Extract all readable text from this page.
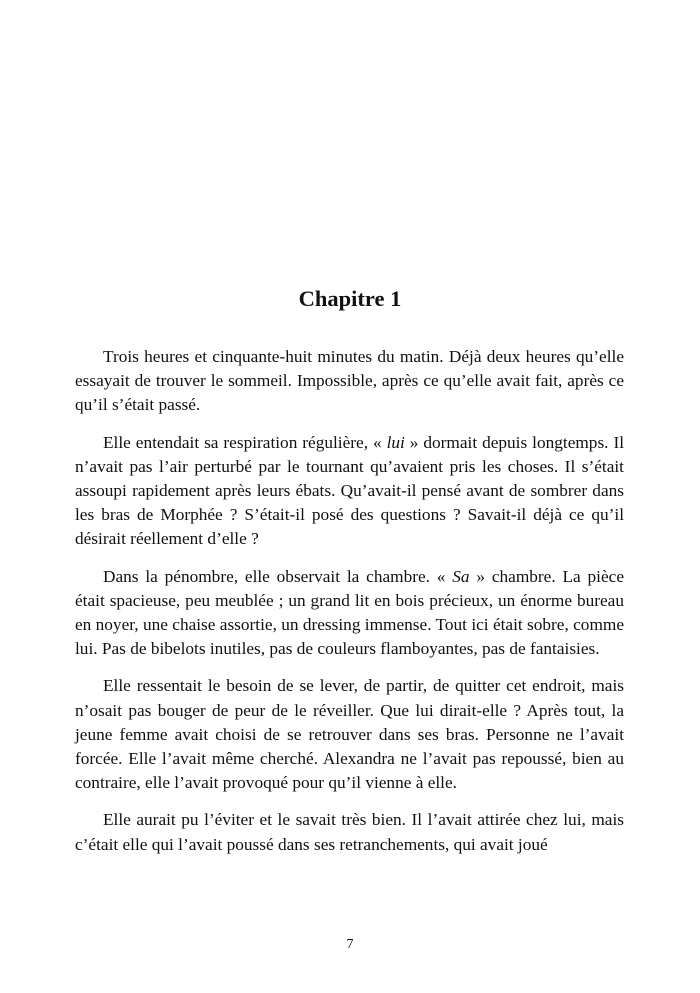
Chapitre 1

Trois heures et cinquante-huit minutes du matin. Déjà deux heures qu’elle essayait de trouver le sommeil. Impossible, après ce qu’elle avait fait, après ce qu’il s’était passé.

Elle entendait sa respiration régulière, « lui » dormait depuis longtemps. Il n’avait pas l’air perturbé par le tournant qu’avaient pris les choses. Il s’était assoupi rapidement après leurs ébats. Qu’avait-il pensé avant de sombrer dans les bras de Morphée ? S’était-il posé des questions ? Savait-il déjà ce qu’il désirait réellement d’elle ?

Dans la pénombre, elle observait la chambre. « Sa » chambre. La pièce était spacieuse, peu meublée ; un grand lit en bois précieux, un énorme bureau en noyer, une chaise assortie, un dressing immense. Tout ici était sobre, comme lui. Pas de bibelots inutiles, pas de couleurs flamboyantes, pas de fantaisies.

Elle ressentait le besoin de se lever, de partir, de quitter cet endroit, mais n’osait pas bouger de peur de le réveiller. Que lui dirait-elle ? Après tout, la jeune femme avait choisi de se retrouver dans ses bras. Personne ne l’avait forcée. Elle l’avait même cherché. Alexandra ne l’avait pas repoussé, bien au contraire, elle l’avait provoqué pour qu’il vienne à elle.

Elle aurait pu l’éviter et le savait très bien. Il l’avait attirée chez lui, mais c’était elle qui l’avait poussé dans ses retranchements, qui avait joué

7
